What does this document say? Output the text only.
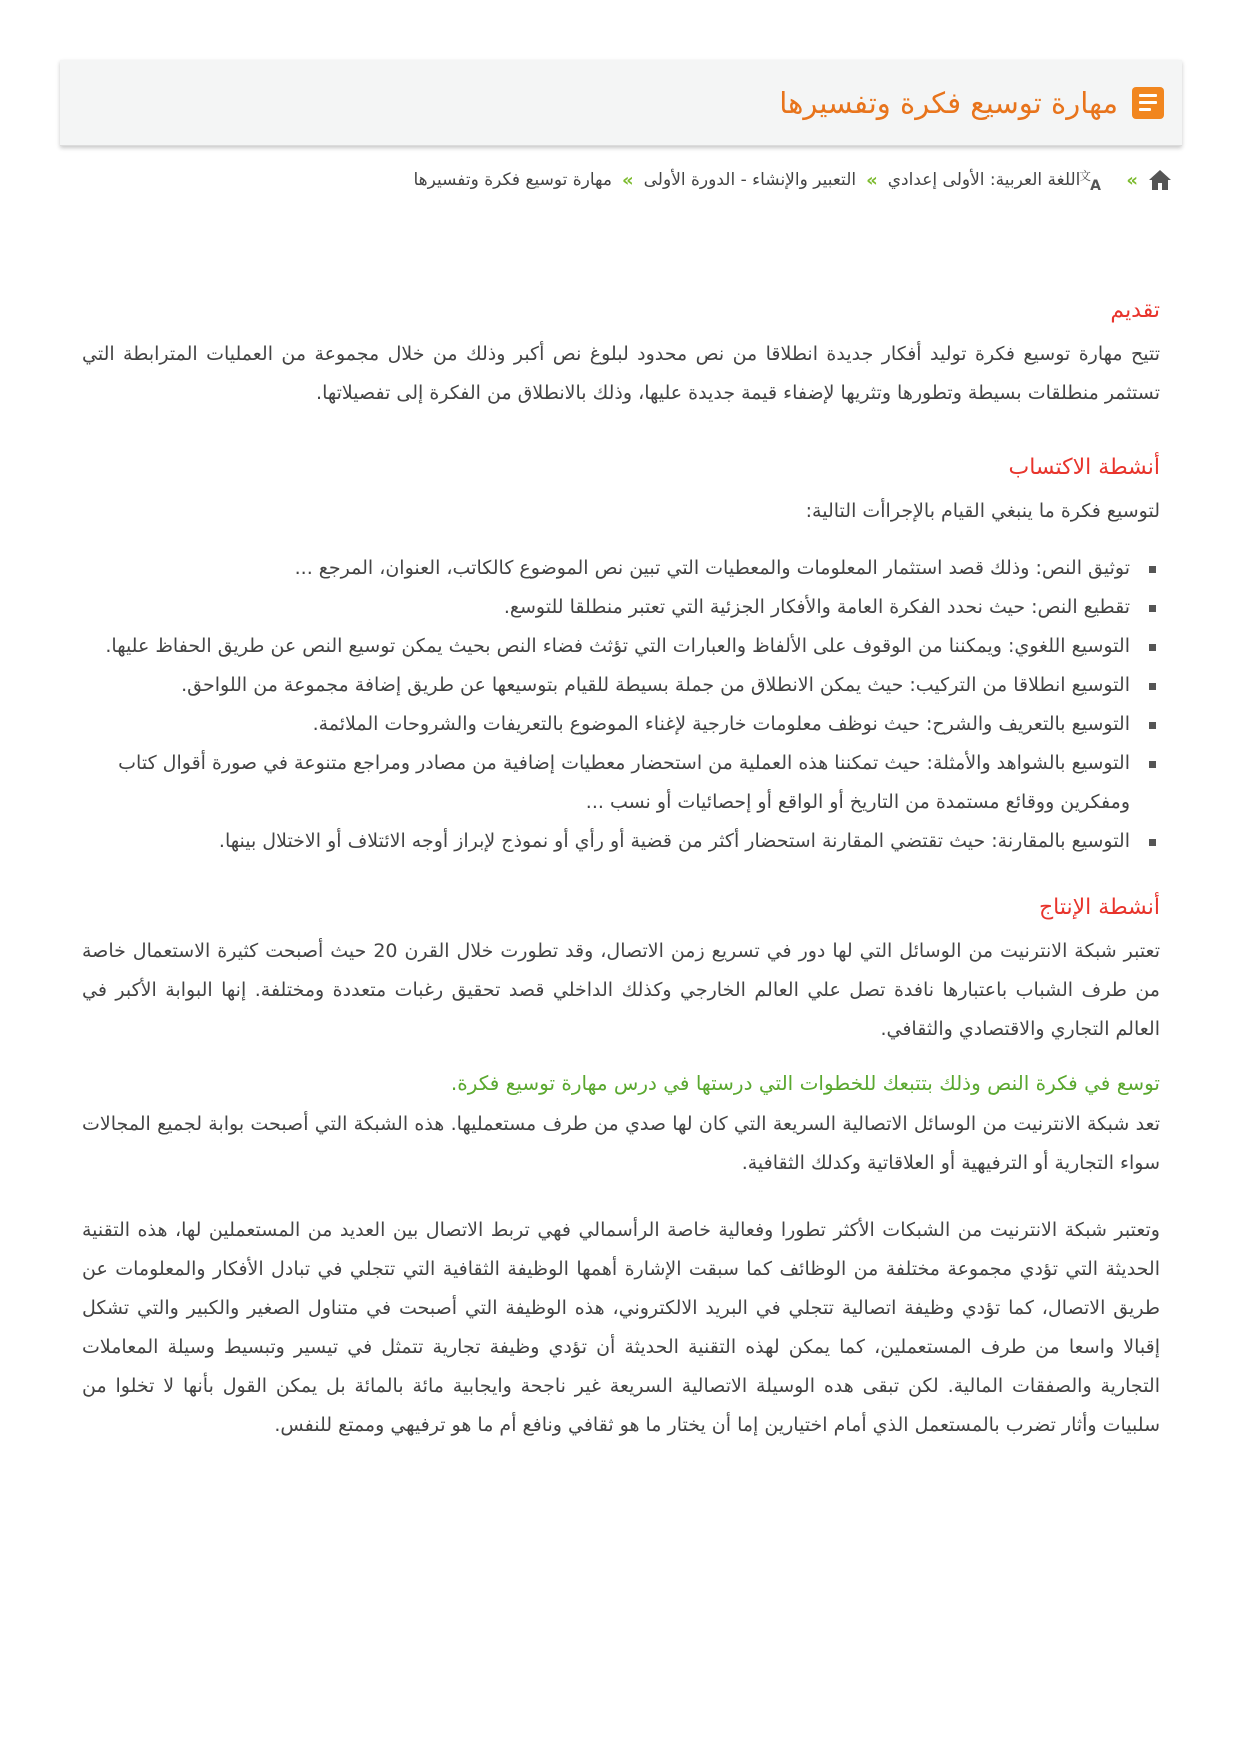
مهارة توسيع فكرة وتفسيرها
»
文
A
اللغة العربية: الأولى إعدادي
»
التعبير والإنشاء - الدورة الأولى
»
مهارة توسيع فكرة وتفسيرها
تقديم

تتيح مهارة توسيع فكرة توليد أفكار جديدة انطلاقا من نص محدود لبلوغ نص أكبر وذلك من خلال مجموعة من العمليات المترابطة التي تستثمر منطلقات بسيطة وتطورها وتثريها لإضفاء قيمة جديدة عليها، وذلك بالانطلاق من الفكرة إلى تفصيلاتها.

أنشطة الاكتساب

لتوسيع فكرة ما ينبغي القيام بالإجراأت التالية:

توثيق النص: وذلك قصد استثمار المعلومات والمعطيات التي تبين نص الموضوع كالكاتب، العنوان، المرجع ...
تقطيع النص: حيث نحدد الفكرة العامة والأفكار الجزئية التي تعتبر منطلقا للتوسع.
التوسيع اللغوي: ويمكننا من الوقوف على الألفاظ والعبارات التي تؤثث فضاء النص بحيث يمكن توسيع النص عن طريق الحفاظ عليها.
التوسيع انطلاقا من التركيب: حيث يمكن الانطلاق من جملة بسيطة للقيام بتوسيعها عن طريق إضافة مجموعة من اللواحق.
التوسيع بالتعريف والشرح: حيث نوظف معلومات خارجية لإغناء الموضوع بالتعريفات والشروحات الملائمة.
التوسيع بالشواهد والأمثلة: حيث تمكننا هذه العملية من استحضار معطيات إضافية من مصادر ومراجع متنوعة في صورة أقوال كتاب ومفكرين ووقائع مستمدة من التاريخ أو الواقع أو إحصائيات أو نسب ...
التوسيع بالمقارنة: حيث تقتضي المقارنة استحضار أكثر من قضية أو رأي أو نموذج لإبراز أوجه الائتلاف أو الاختلال بينها.
أنشطة الإنتاج

تعتبر شبكة الانترنيت من الوسائل التي لها دور في تسريع زمن الاتصال، وقد تطورت خلال القرن 20 حيث أصبحت كثيرة الاستعمال خاصة من طرف الشباب باعتبارها نافدة تصل علي العالم الخارجي وكذلك الداخلي قصد تحقيق رغبات متعددة ومختلفة. إنها البوابة الأكبر في العالم التجاري والاقتصادي والثقافي.

توسع في فكرة النص وذلك بتتبعك للخطوات التي درستها في درس مهارة توسيع فكرة.

تعد شبكة الانترنيت من الوسائل الاتصالية السريعة التي كان لها صدي من طرف مستعمليها. هذه الشبكة التي أصبحت بوابة لجميع المجالات سواء التجارية أو الترفيهية أو العلاقاتية وكدلك الثقافية.

وتعتبر شبكة الانترنيت من الشبكات الأكثر تطورا وفعالية خاصة الرأسمالي فهي تربط الاتصال بين العديد من المستعملين لها، هذه التقنية الحديثة التي تؤدي مجموعة مختلفة من الوظائف كما سبقت الإشارة أهمها الوظيفة الثقافية التي تتجلي في تبادل الأفكار والمعلومات عن طريق الاتصال، كما تؤدي وظيفة اتصالية تتجلي في البريد الالكتروني، هذه الوظيفة التي أصبحت في متناول الصغير والكبير والتي تشكل إقبالا واسعا من طرف المستعملين، كما يمكن لهذه التقنية الحديثة أن تؤدي وظيفة تجارية تتمثل في تيسير وتبسيط وسيلة المعاملات التجارية والصفقات المالية. لكن تبقى هده الوسيلة الاتصالية السريعة غير ناجحة وايجابية مائة بالمائة بل يمكن القول بأنها لا تخلوا من سلبيات وأثار تضرب بالمستعمل الذي أمام اختيارين إما أن يختار ما هو ثقافي ونافع أم ما هو ترفيهي وممتع للنفس.
